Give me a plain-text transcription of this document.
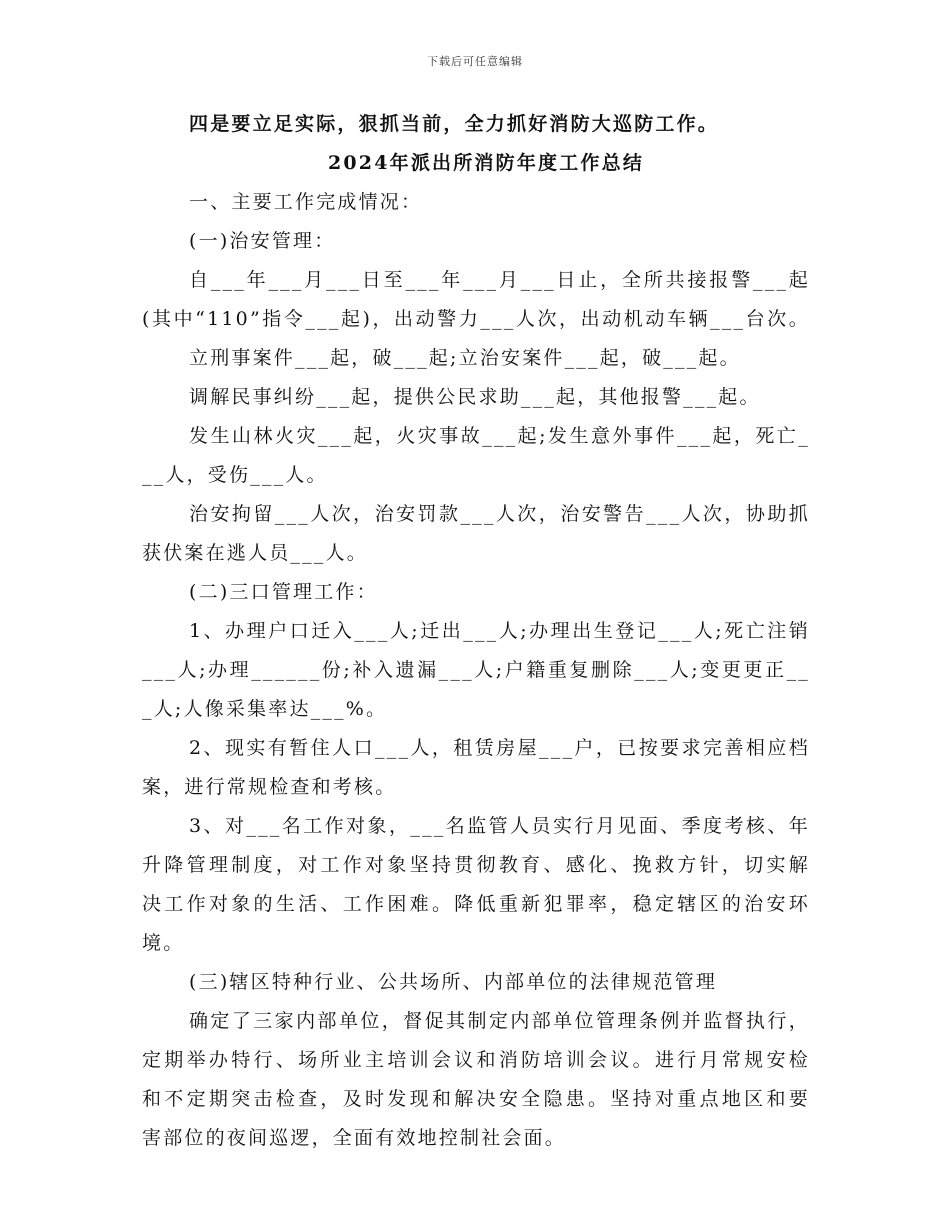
下载后可任意编辑
四是要立足实际，狠抓当前，全力抓好消防大巡防工作。
2024年派出所消防年度工作总结
一、主要工作完成情况：
(一)治安管理：
自___年___月___日至___年___月___日止，全所共接报警___起
(其中“110”指令___起)，出动警力___人次，出动机动车辆___台次。
立刑事案件___起，破___起;立治安案件___起，破___起。
调解民事纠纷___起，提供公民求助___起，其他报警___起。
发生山林火灾___起，火灾事故___起;发生意外事件___起，死亡_
__人，受伤___人。
治安拘留___人次，治安罚款___人次，治安警告___人次，协助抓
获伏案在逃人员___人。
(二)三口管理工作：
1、办理户口迁入___人;迁出___人;办理出生登记___人;死亡注销
___人;办理______份;补入遗漏___人;户籍重复删除___人;变更更正__
_人;人像采集率达___%。
2、现实有暂住人口___人，租赁房屋___户，已按要求完善相应档
案，进行常规检查和考核。
3、对___名工作对象，___名监管人员实行月见面、季度考核、年
升降管理制度，对工作对象坚持贯彻教育、感化、挽救方针，切实解
决工作对象的生活、工作困难。降低重新犯罪率，稳定辖区的治安环
境。
(三)辖区特种行业、公共场所、内部单位的法律规范管理
确定了三家内部单位，督促其制定内部单位管理条例并监督执行，
定期举办特行、场所业主培训会议和消防培训会议。进行月常规安检
和不定期突击检查，及时发现和解决安全隐患。坚持对重点地区和要
害部位的夜间巡逻，全面有效地控制社会面。
